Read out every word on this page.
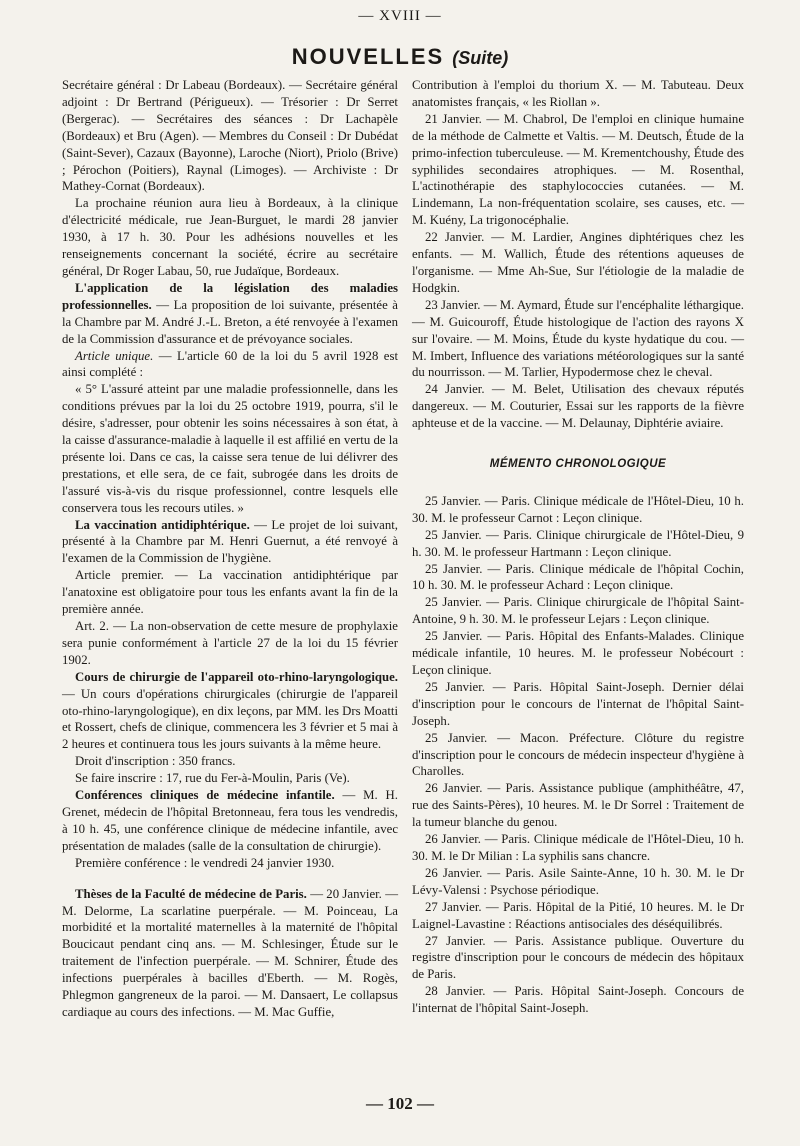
— XVIII —
NOUVELLES (Suite)

Secrétaire général : Dr Labeau (Bordeaux). — Secrétaire général adjoint : Dr Bertrand (Périgueux). — Trésorier : Dr Serret (Bergerac). — Secrétaires des séances : Dr Lachapèle (Bordeaux) et Bru (Agen). — Membres du Conseil : Dr Dubédat (Saint-Sever), Cazaux (Bayonne), Laroche (Niort), Priolo (Brive) ; Pérochon (Poitiers), Raynal (Limoges). — Archiviste : Dr Mathey-Cornat (Bordeaux).

La prochaine réunion aura lieu à Bordeaux, à la clinique d'électricité médicale, rue Jean-Burguet, le mardi 28 janvier 1930, à 17 h. 30. Pour les adhésions nouvelles et les renseignements concernant la société, écrire au secrétaire général, Dr Roger Labau, 50, rue Judaïque, Bordeaux.

L'application de la législation des maladies professionnelles. — La proposition de loi suivante, présentée à la Chambre par M. André J.-L. Breton, a été renvoyée à l'examen de la Commission d'assurance et de prévoyance sociales.

Article unique. — L'article 60 de la loi du 5 avril 1928 est ainsi complété :

« 5° L'assuré atteint par une maladie professionnelle, dans les conditions prévues par la loi du 25 octobre 1919, pourra, s'il le désire, s'adresser, pour obtenir les soins nécessaires à son état, à la caisse d'assurance-maladie à laquelle il est affilié en vertu de la présente loi. Dans ce cas, la caisse sera tenue de lui délivrer des prestations, et elle sera, de ce fait, subrogée dans les droits de l'assuré vis-à-vis du risque professionnel, contre lesquels elle conservera tous les recours utiles. »

La vaccination antidiphtérique. — Le projet de loi suivant, présenté à la Chambre par M. Henri Guernut, a été renvoyé à l'examen de la Commission de l'hygiène.

Article premier. — La vaccination antidiphtérique par l'anatoxine est obligatoire pour tous les enfants avant la fin de la première année.

Art. 2. — La non-observation de cette mesure de prophylaxie sera punie conformément à l'article 27 de la loi du 15 février 1902.

Cours de chirurgie de l'appareil oto-rhino-laryngologique. — Un cours d'opérations chirurgicales (chirurgie de l'appareil oto-rhino-laryngologique), en dix leçons, par MM. les Drs Moatti et Rossert, chefs de clinique, commencera les 3 février et 5 mai à 2 heures et continuera tous les jours suivants à la même heure.

Droit d'inscription : 350 francs.

Se faire inscrire : 17, rue du Fer-à-Moulin, Paris (Ve).

Conférences cliniques de médecine infantile. — M. H. Grenet, médecin de l'hôpital Bretonneau, fera tous les vendredis, à 10 h. 45, une conférence clinique de médecine infantile, avec présentation de malades (salle de la consultation de chirurgie).

Première conférence : le vendredi 24 janvier 1930.

Thèses de la Faculté de médecine de Paris. — 20 Janvier. — M. Delorme, La scarlatine puerpérale. — M. Poinceau, La morbidité et la mortalité maternelles à la maternité de l'hôpital Boucicaut pendant cinq ans. — M. Schlesinger, Étude sur le traitement de l'infection puerpérale. — M. Schnirer, Étude des infections puerpérales à bacilles d'Eberth. — M. Rogès, Phlegmon gangreneux de la paroi. — M. Dansaert, Le collapsus cardiaque au cours des infections. — M. Mac Guffie,

Contribution à l'emploi du thorium X. — M. Tabuteau. Deux anatomistes français, « les Riollan ».

21 Janvier. — M. Chabrol, De l'emploi en clinique humaine de la méthode de Calmette et Valtis. — M. Deutsch, Étude de la primo-infection tuberculeuse. — M. Krementchoushy, Étude des syphilides secondaires atrophiques. — M. Rosenthal, L'actinothérapie des staphylococcies cutanées. — M. Lindemann, La non-fréquentation scolaire, ses causes, etc. — M. Kuény, La trigonocéphalie.

22 Janvier. — M. Lardier, Angines diphtériques chez les enfants. — M. Wallich, Étude des rétentions aqueuses de l'organisme. — Mme Ah-Sue, Sur l'étiologie de la maladie de Hodgkin.

23 Janvier. — M. Aymard, Étude sur l'encéphalite léthargique. — M. Guicouroff, Étude histologique de l'action des rayons X sur l'ovaire. — M. Moins, Étude du kyste hydatique du cou. — M. Imbert, Influence des variations météorologiques sur la santé du nourrisson. — M. Tarlier, Hypodermose chez le cheval.

24 Janvier. — M. Belet, Utilisation des chevaux réputés dangereux. — M. Couturier, Essai sur les rapports de la fièvre aphteuse et de la vaccine. — M. Delaunay, Diphtérie aviaire.

MÉMENTO CHRONOLOGIQUE

25 Janvier. — Paris. Clinique médicale de l'Hôtel-Dieu, 10 h. 30. M. le professeur Carnot : Leçon clinique.

25 Janvier. — Paris. Clinique chirurgicale de l'Hôtel-Dieu, 9 h. 30. M. le professeur Hartmann : Leçon clinique.

25 Janvier. — Paris. Clinique médicale de l'hôpital Cochin, 10 h. 30. M. le professeur Achard : Leçon clinique.

25 Janvier. — Paris. Clinique chirurgicale de l'hôpital Saint-Antoine, 9 h. 30. M. le professeur Lejars : Leçon clinique.

25 Janvier. — Paris. Hôpital des Enfants-Malades. Clinique médicale infantile, 10 heures. M. le professeur Nobécourt : Leçon clinique.

25 Janvier. — Paris. Hôpital Saint-Joseph. Dernier délai d'inscription pour le concours de l'internat de l'hôpital Saint-Joseph.

25 Janvier. — Macon. Préfecture. Clôture du registre d'inscription pour le concours de médecin inspecteur d'hygiène à Charolles.

26 Janvier. — Paris. Assistance publique (amphithéâtre, 47, rue des Saints-Pères), 10 heures. M. le Dr Sorrel : Traitement de la tumeur blanche du genou.

26 Janvier. — Paris. Clinique médicale de l'Hôtel-Dieu, 10 h. 30. M. le Dr Milian : La syphilis sans chancre.

26 Janvier. — Paris. Asile Sainte-Anne, 10 h. 30. M. le Dr Lévy-Valensi : Psychose périodique.

27 Janvier. — Paris. Hôpital de la Pitié, 10 heures. M. le Dr Laignel-Lavastine : Réactions antisociales des déséquilibrés.

27 Janvier. — Paris. Assistance publique. Ouverture du registre d'inscription pour le concours de médecin des hôpitaux de Paris.

28 Janvier. — Paris. Hôpital Saint-Joseph. Concours de l'internat de l'hôpital Saint-Joseph.

— 102 —
